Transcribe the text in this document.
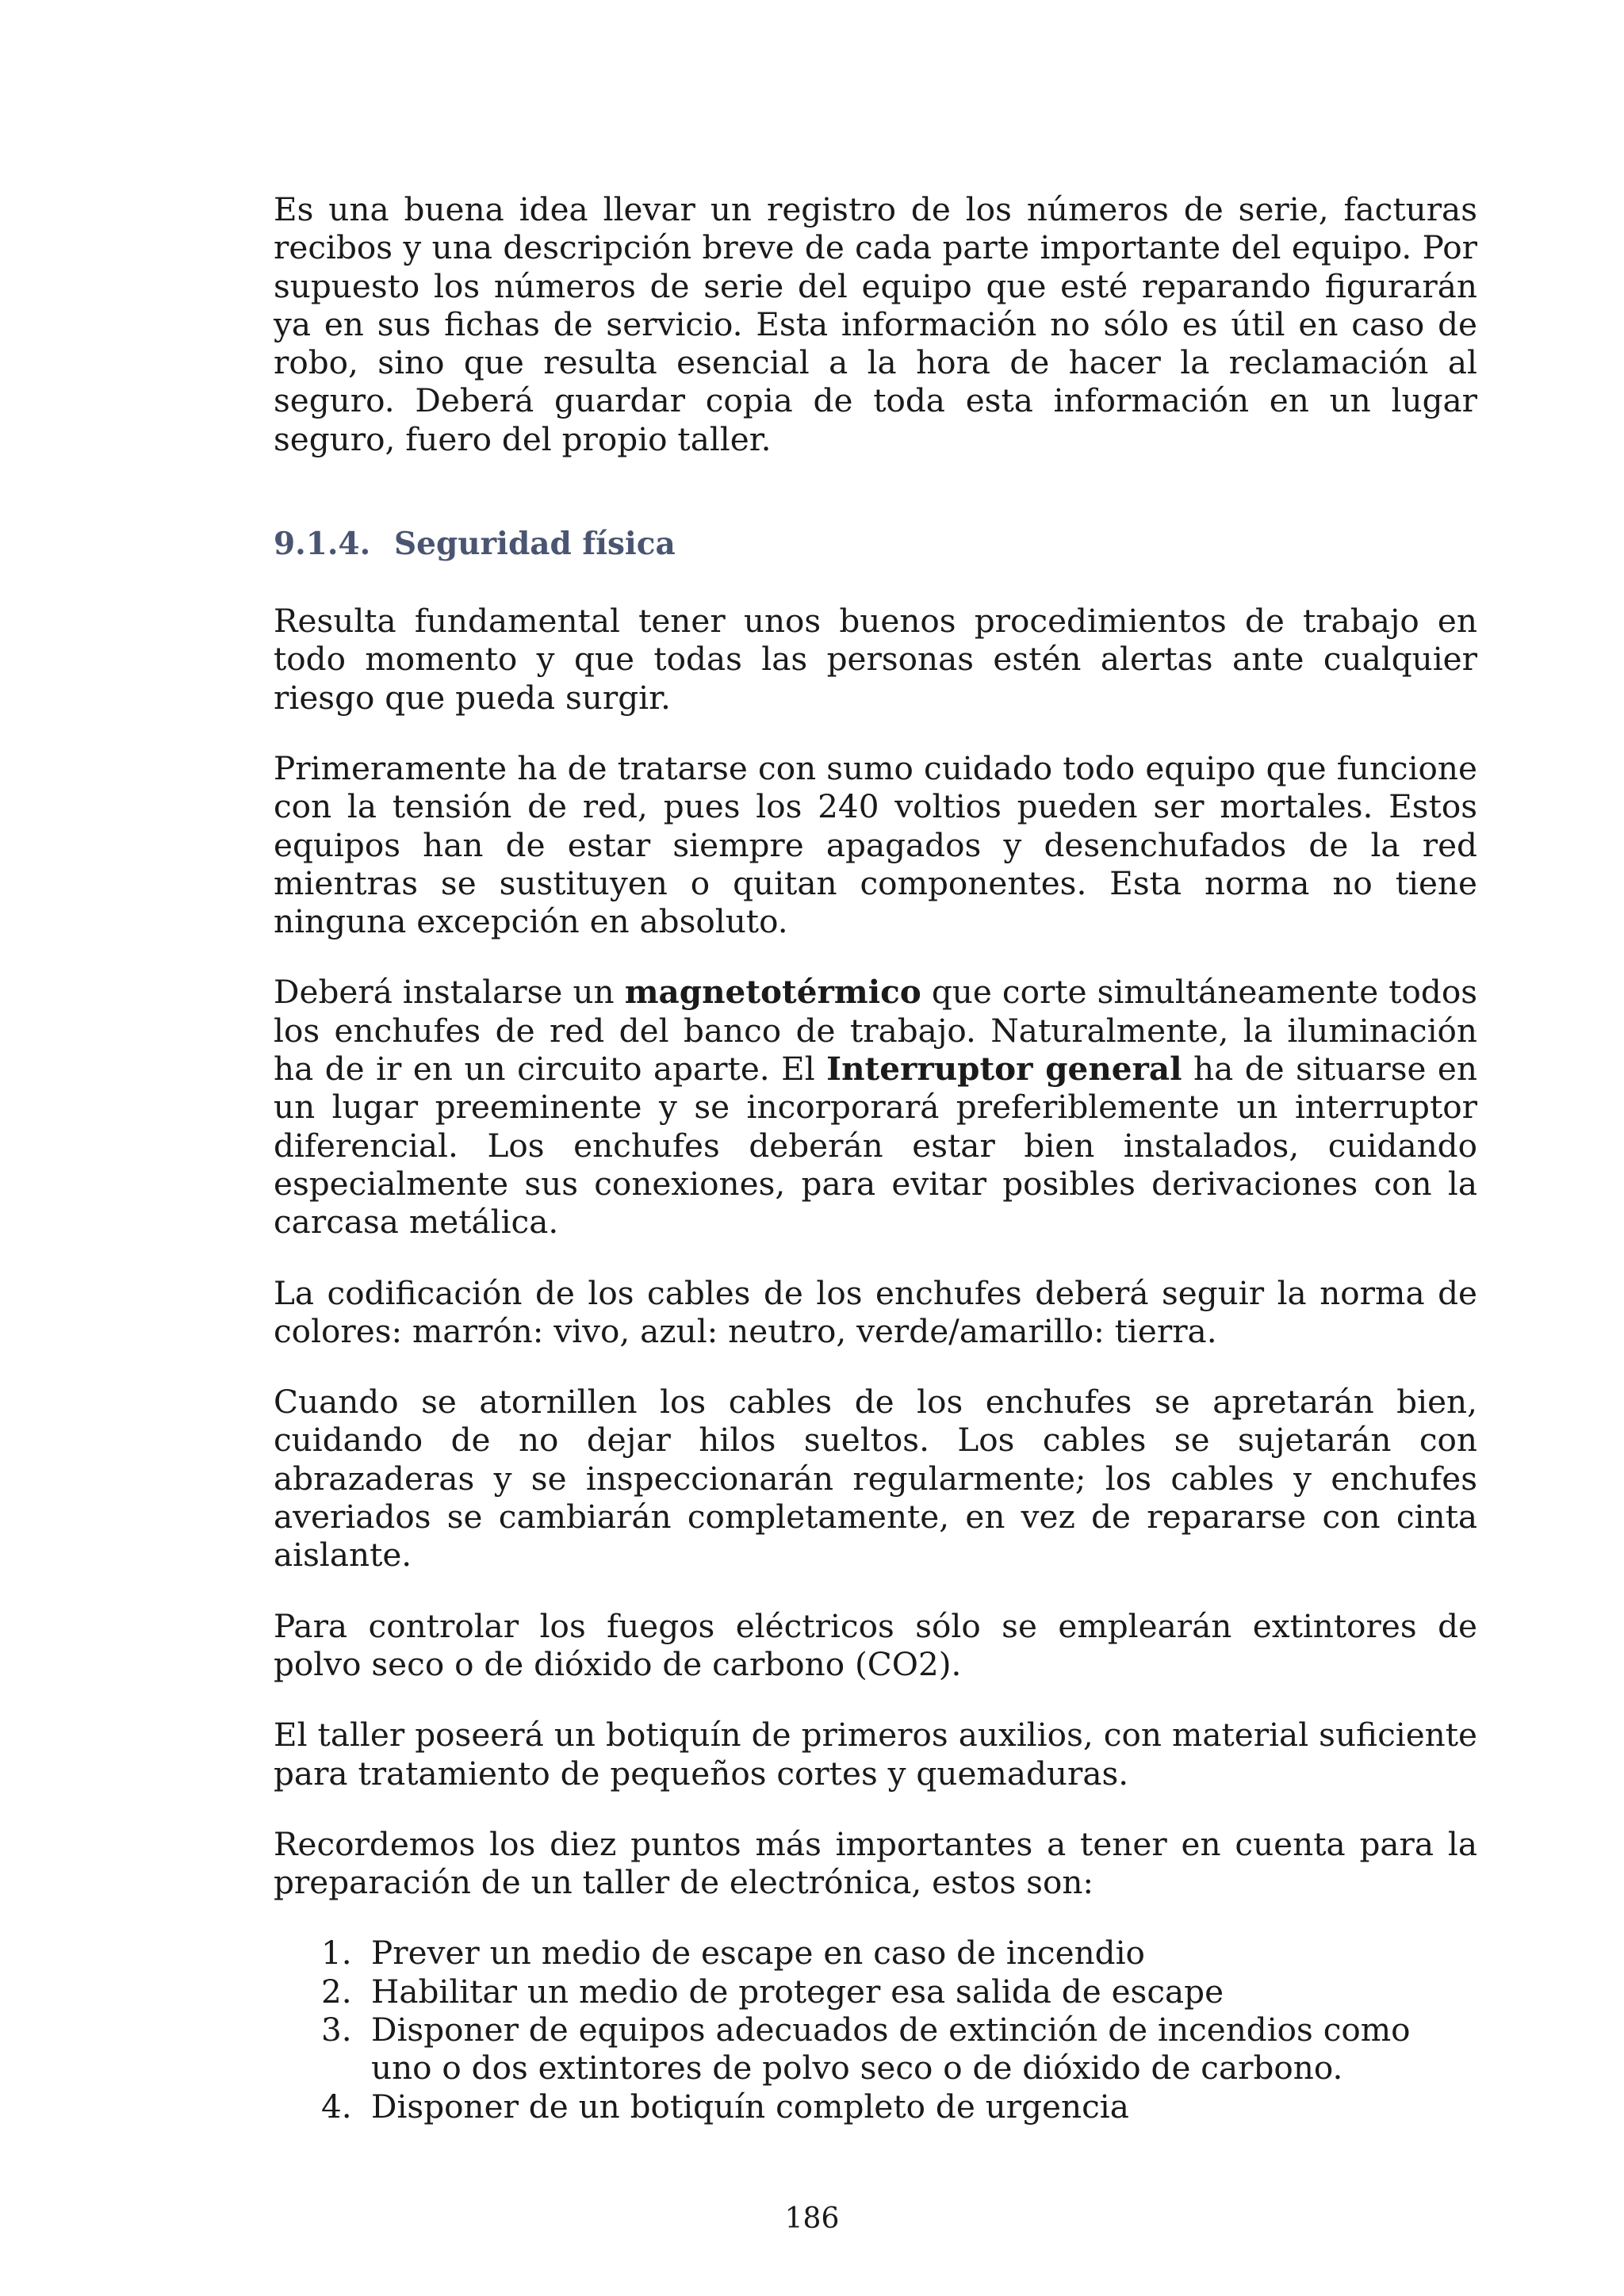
Es una buena idea llevar un registro de los números de serie, facturas recibos y una descripción breve de cada parte importante del equipo. Por supuesto los números de serie del equipo que esté reparando figurarán ya en sus fichas de servicio. Esta información no sólo es útil en caso de robo, sino que resulta esencial a la hora de hacer la reclamación al seguro. Deberá guardar copia de toda esta información en un lugar seguro, fuero del propio taller.

9.1.4. Seguridad física

Resulta fundamental tener unos buenos procedimientos de trabajo en todo momento y que todas las personas estén alertas ante cualquier riesgo que pueda surgir.

Primeramente ha de tratarse con sumo cuidado todo equipo que funcione con la tensión de red, pues los 240 voltios pueden ser mortales. Estos equipos han de estar siempre apagados y desenchufados de la red mientras se sustituyen o quitan componentes. Esta norma no tiene ninguna excepción en absoluto.

Deberá instalarse un magnetotérmico que corte simultáneamente todos los enchufes de red del banco de trabajo. Naturalmente, la iluminación ha de ir en un circuito aparte. El Interruptor general ha de situarse en un lugar preeminente y se incorporará preferiblemente un interruptor diferencial. Los enchufes deberán estar bien instalados, cuidando especialmente sus conexiones, para evitar posibles derivaciones con la carcasa metálica.

La codificación de los cables de los enchufes deberá seguir la norma de colores: marrón: vivo, azul: neutro, verde/amarillo: tierra.

Cuando se atornillen los cables de los enchufes se apretarán bien, cuidando de no dejar hilos sueltos. Los cables se sujetarán con abrazaderas y se inspeccionarán regularmente; los cables y enchufes averiados se cambiarán completamente, en vez de repararse con cinta aislante.

Para controlar los fuegos eléctricos sólo se emplearán extintores de polvo seco o de dióxido de carbono (CO2).

El taller poseerá un botiquín de primeros auxilios, con material suficiente para tratamiento de pequeños cortes y quemaduras.

Recordemos los diez puntos más importantes a tener en cuenta para la preparación de un taller de electrónica, estos son:

1. Prever un medio de escape en caso de incendio
2. Habilitar un medio de proteger esa salida de escape
3. Disponer de equipos adecuados de extinción de incendios como uno o dos extintores de polvo seco o de dióxido de carbono.
4. Disponer de un botiquín completo de urgencia
186
